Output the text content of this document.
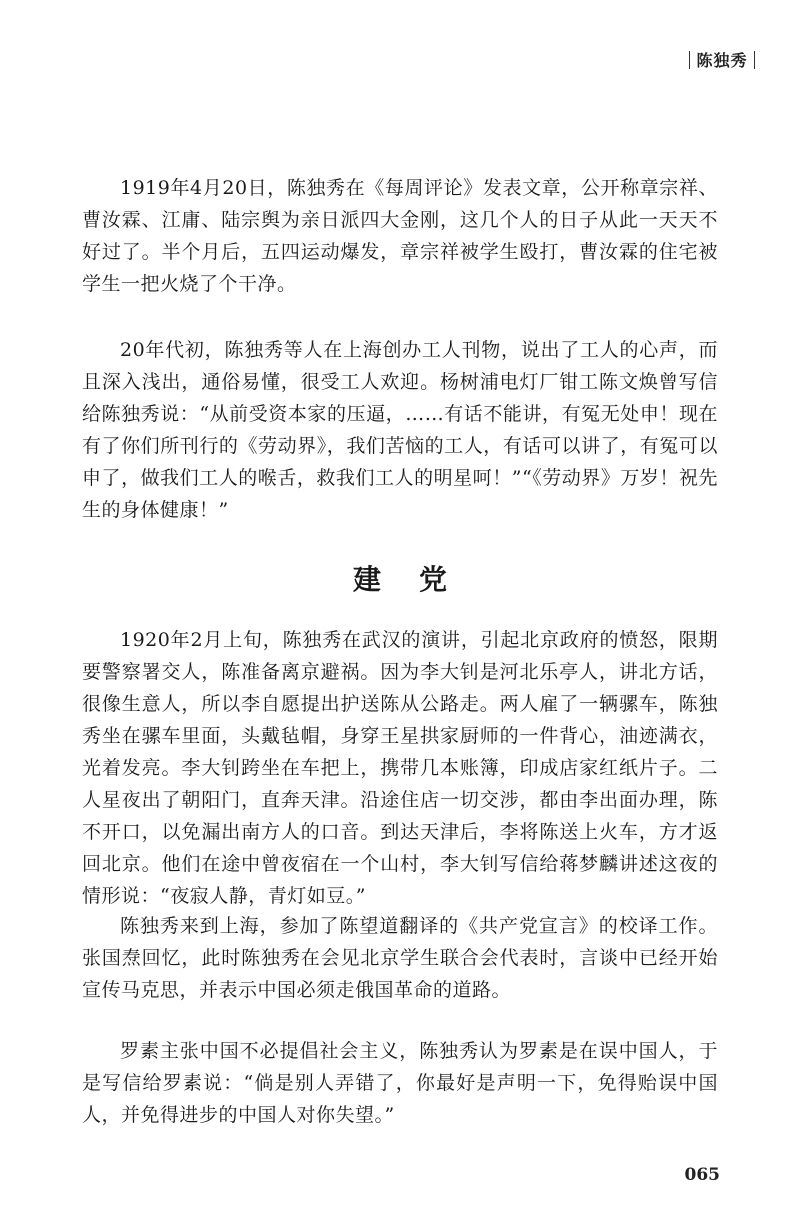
陈独秀

1919年4月20日，陈独秀在《每周评论》发表文章，公开称章宗祥、曹汝霖、江庸、陆宗舆为亲日派四大金刚，这几个人的日子从此一天天不好过了。半个月后，五四运动爆发，章宗祥被学生殴打，曹汝霖的住宅被学生一把火烧了个干净。

20年代初，陈独秀等人在上海创办工人刊物，说出了工人的心声，而且深入浅出，通俗易懂，很受工人欢迎。杨树浦电灯厂钳工陈文焕曾写信给陈独秀说：“从前受资本家的压逼，……有话不能讲，有冤无处申！现在有了你们所刊行的《劳动界》，我们苦恼的工人，有话可以讲了，有冤可以申了，做我们工人的喉舌，救我们工人的明星呵！”“《劳动界》万岁！祝先生的身体健康！”

建党

1920年2月上旬，陈独秀在武汉的演讲，引起北京政府的愤怒，限期要警察署交人，陈准备离京避祸。因为李大钊是河北乐亭人，讲北方话，很像生意人，所以李自愿提出护送陈从公路走。两人雇了一辆骡车，陈独秀坐在骡车里面，头戴毡帽，身穿王星拱家厨师的一件背心，油迹满衣，光着发亮。李大钊跨坐在车把上，携带几本账簿，印成店家红纸片子。二人星夜出了朝阳门，直奔天津。沿途住店一切交涉，都由李出面办理，陈不开口，以免漏出南方人的口音。到达天津后，李将陈送上火车，方才返回北京。他们在途中曾夜宿在一个山村，李大钊写信给蒋梦麟讲述这夜的情形说：“夜寂人静，青灯如豆。”

陈独秀来到上海，参加了陈望道翻译的《共产党宣言》的校译工作。张国焘回忆，此时陈独秀在会见北京学生联合会代表时，言谈中已经开始宣传马克思，并表示中国必须走俄国革命的道路。

罗素主张中国不必提倡社会主义，陈独秀认为罗素是在误中国人，于是写信给罗素说：“倘是别人弄错了，你最好是声明一下，免得贻误中国人，并免得进步的中国人对你失望。”

065
